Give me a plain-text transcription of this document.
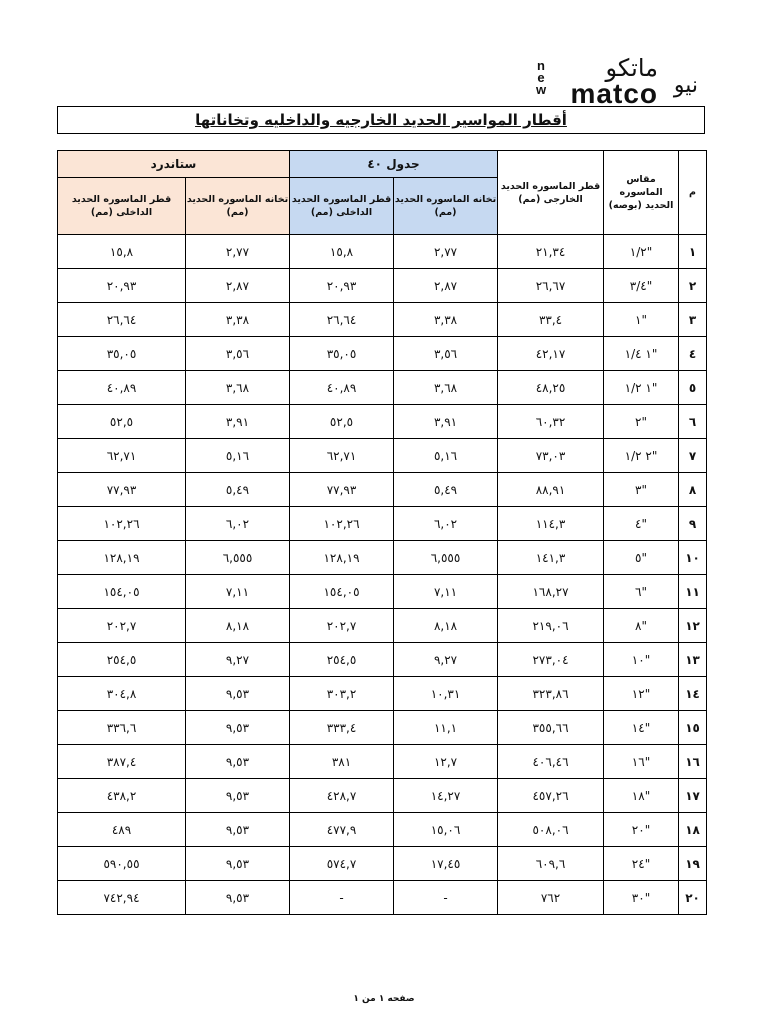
n e w
ماتكو
نيو
matco
أقطار المواسير الحديد الخارجيه والداخليه وتخاناتها
م	مقاس الماسوره الحديد (بوصه)	قطر الماسوره الحديد الخارجى (مم)	جدول ٤٠		ستاندرد	
			تخانه الماسوره الحديد (مم)	قطر الماسوره الحديد الداخلى (مم)	تخانه الماسوره الحديد (مم)	قطر الماسوره الحديد الداخلى (مم)
١	"١/٢	٢١,٣٤	٢,٧٧	١٥,٨	٢,٧٧	١٥,٨
٢	"٣/٤	٢٦,٦٧	٢,٨٧	٢٠,٩٣	٢,٨٧	٢٠,٩٣
٣	"١	٣٣,٤	٣,٣٨	٢٦,٦٤	٣,٣٨	٢٦,٦٤
٤	"١ ١/٤	٤٢,١٧	٣,٥٦	٣٥,٠٥	٣,٥٦	٣٥,٠٥
٥	"١ ١/٢	٤٨,٢٥	٣,٦٨	٤٠,٨٩	٣,٦٨	٤٠,٨٩
٦	"٢	٦٠,٣٢	٣,٩١	٥٢,٥	٣,٩١	٥٢,٥
٧	"٢ ١/٢	٧٣,٠٣	٥,١٦	٦٢,٧١	٥,١٦	٦٢,٧١
٨	"٣	٨٨,٩١	٥,٤٩	٧٧,٩٣	٥,٤٩	٧٧,٩٣
٩	"٤	١١٤,٣	٦,٠٢	١٠٢,٢٦	٦,٠٢	١٠٢,٢٦
١٠	"٥	١٤١,٣	٦,٥٥٥	١٢٨,١٩	٦,٥٥٥	١٢٨,١٩
١١	"٦	١٦٨,٢٧	٧,١١	١٥٤,٠٥	٧,١١	١٥٤,٠٥
١٢	"٨	٢١٩,٠٦	٨,١٨	٢٠٢,٧	٨,١٨	٢٠٢,٧
١٣	"١٠	٢٧٣,٠٤	٩,٢٧	٢٥٤,٥	٩,٢٧	٢٥٤,٥
١٤	"١٢	٣٢٣,٨٦	١٠,٣١	٣٠٣,٢	٩,٥٣	٣٠٤,٨
١٥	"١٤	٣٥٥,٦٦	١١,١	٣٣٣,٤	٩,٥٣	٣٣٦,٦
١٦	"١٦	٤٠٦,٤٦	١٢,٧	٣٨١	٩,٥٣	٣٨٧,٤
١٧	"١٨	٤٥٧,٢٦	١٤,٢٧	٤٢٨,٧	٩,٥٣	٤٣٨,٢
١٨	"٢٠	٥٠٨,٠٦	١٥,٠٦	٤٧٧,٩	٩,٥٣	٤٨٩
١٩	"٢٤	٦٠٩,٦	١٧,٤٥	٥٧٤,٧	٩,٥٣	٥٩٠,٥٥
٢٠	"٣٠	٧٦٢	-	-	٩,٥٣	٧٤٢,٩٤
صفحه ١ من ١
